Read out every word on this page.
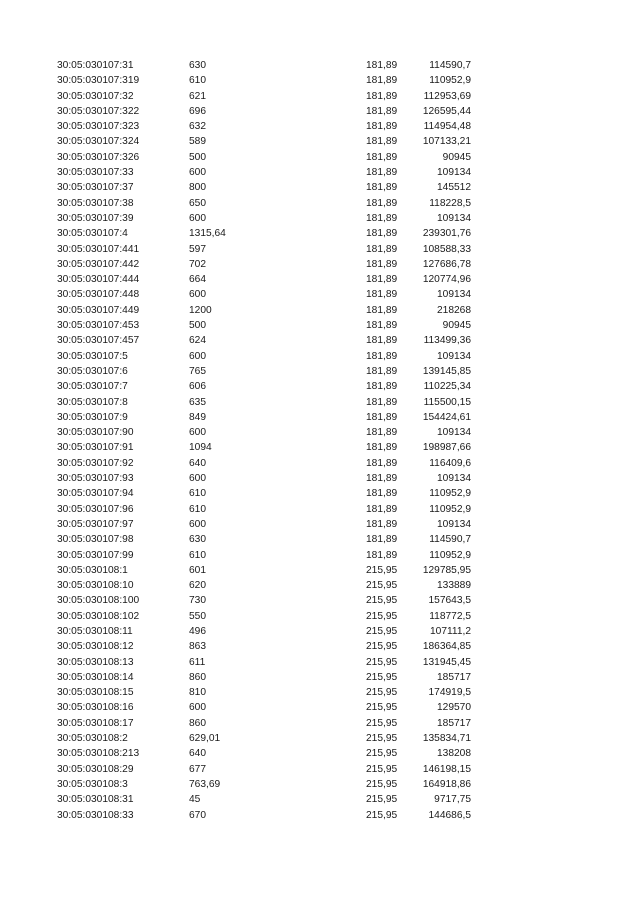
30:05:030107:31	630	181,89	114590,7
30:05:030107:319	610	181,89	110952,9
30:05:030107:32	621	181,89	112953,69
30:05:030107:322	696	181,89	126595,44
30:05:030107:323	632	181,89	114954,48
30:05:030107:324	589	181,89	107133,21
30:05:030107:326	500	181,89	90945
30:05:030107:33	600	181,89	109134
30:05:030107:37	800	181,89	145512
30:05:030107:38	650	181,89	118228,5
30:05:030107:39	600	181,89	109134
30:05:030107:4	1315,64	181,89	239301,76
30:05:030107:441	597	181,89	108588,33
30:05:030107:442	702	181,89	127686,78
30:05:030107:444	664	181,89	120774,96
30:05:030107:448	600	181,89	109134
30:05:030107:449	1200	181,89	218268
30:05:030107:453	500	181,89	90945
30:05:030107:457	624	181,89	113499,36
30:05:030107:5	600	181,89	109134
30:05:030107:6	765	181,89	139145,85
30:05:030107:7	606	181,89	110225,34
30:05:030107:8	635	181,89	115500,15
30:05:030107:9	849	181,89	154424,61
30:05:030107:90	600	181,89	109134
30:05:030107:91	1094	181,89	198987,66
30:05:030107:92	640	181,89	116409,6
30:05:030107:93	600	181,89	109134
30:05:030107:94	610	181,89	110952,9
30:05:030107:96	610	181,89	110952,9
30:05:030107:97	600	181,89	109134
30:05:030107:98	630	181,89	114590,7
30:05:030107:99	610	181,89	110952,9
30:05:030108:1	601	215,95	129785,95
30:05:030108:10	620	215,95	133889
30:05:030108:100	730	215,95	157643,5
30:05:030108:102	550	215,95	118772,5
30:05:030108:11	496	215,95	107111,2
30:05:030108:12	863	215,95	186364,85
30:05:030108:13	611	215,95	131945,45
30:05:030108:14	860	215,95	185717
30:05:030108:15	810	215,95	174919,5
30:05:030108:16	600	215,95	129570
30:05:030108:17	860	215,95	185717
30:05:030108:2	629,01	215,95	135834,71
30:05:030108:213	640	215,95	138208
30:05:030108:29	677	215,95	146198,15
30:05:030108:3	763,69	215,95	164918,86
30:05:030108:31	45	215,95	9717,75
30:05:030108:33	670	215,95	144686,5
